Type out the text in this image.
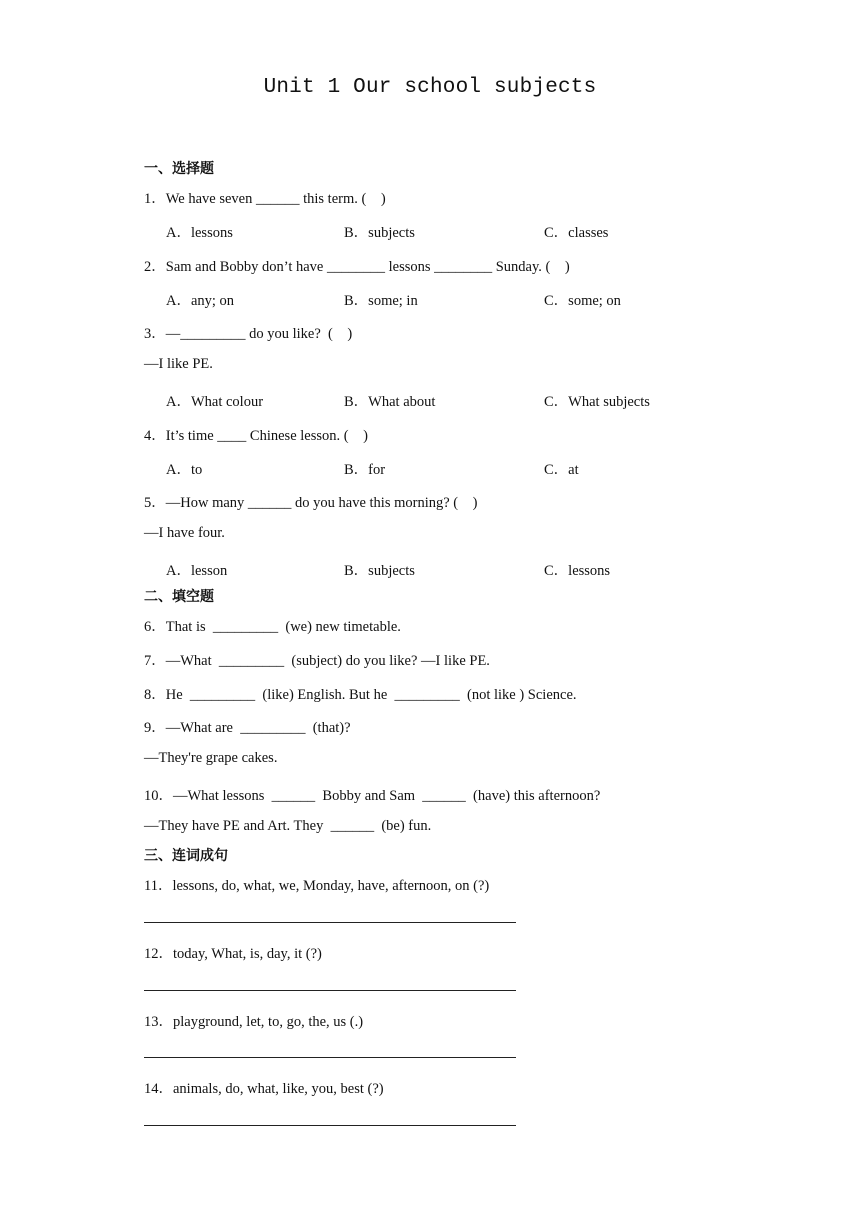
Unit 1 Our school subjects
一、选择题
1．We have seven ______ this term. (　)
A．lessons	B．subjects	C．classes
2．Sam and Bobby don’t have ________ lessons ________ Sunday. (　)
A．any; on	B．some; in	C．some; on
3．—_________ do you like?  (　)
—I like PE.
A．What colour	B．What about	C．What subjects
4．It’s time ____ Chinese lesson. (　)
A．to	B．for	C．at
5．—How many ______ do you have this morning? (　)
—I have four.
A．lesson	B．subjects	C．lessons
二、填空题
6．That is  _________  (we) new timetable.
7．—What  _________  (subject) do you like? —I like PE.
8．He  _________  (like) English. But he  _________  (not like ) Science.
9．—What are  _________  (that)?
—They're grape cakes.
10．—What lessons  ______  Bobby and Sam  ______  (have) this afternoon?
—They have PE and Art. They  ______  (be) fun.
三、连词成句
11．lessons, do, what, we, Monday, have, afternoon, on (?)
12．today, What, is, day, it (?)
13．playground, let, to, go, the, us (.)
14．animals, do, what, like, you, best (?)
